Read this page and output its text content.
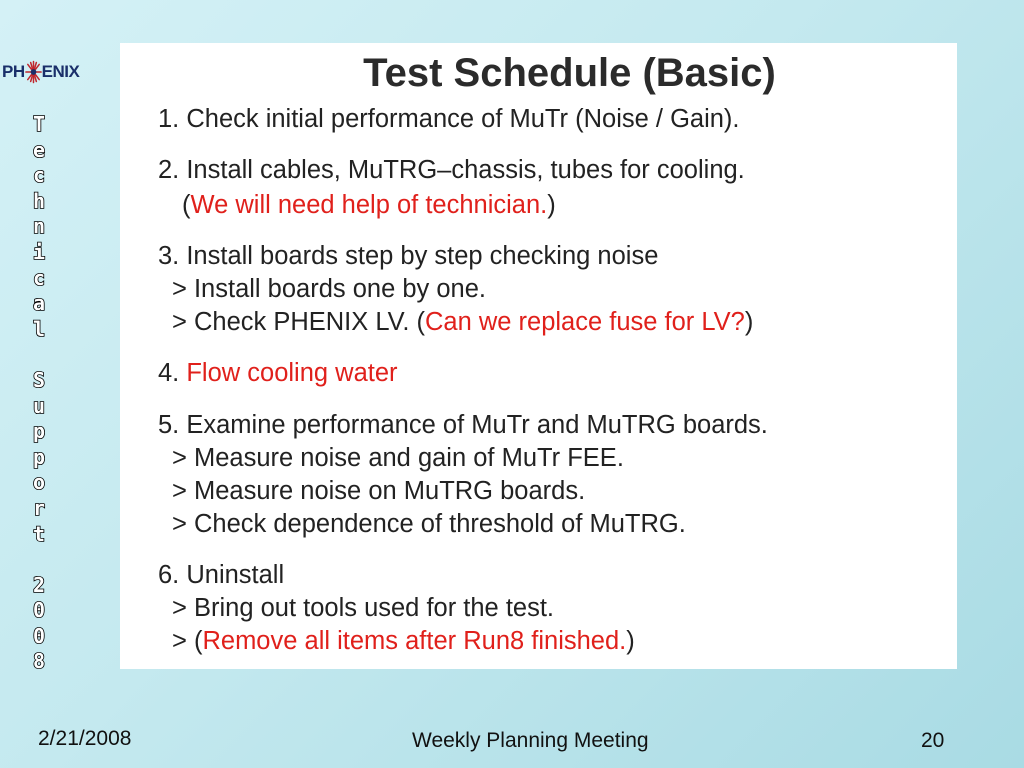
PH ENIX
T
e
c
h
n
i
c
a
l

S
u
p
p
o
r
t

2
0
0
8
Test Schedule (Basic)

1. Check initial performance of MuTr (Noise / Gain).

2. Install cables, MuTRG–chassis, tubes for cooling.

(We will need help of technician.)

3. Install boards step by step checking noise

> Install boards one by one.

> Check PHENIX LV. (Can we replace fuse for LV?)

4. Flow cooling water

5. Examine performance of MuTr and MuTRG boards.

> Measure noise and gain of MuTr FEE.

> Measure noise on MuTRG boards.

> Check dependence of threshold of MuTRG.

6. Uninstall

> Bring out tools used for the test.

> (Remove all items after Run8 finished.)

2/21/2008	Weekly Planning Meeting	20
